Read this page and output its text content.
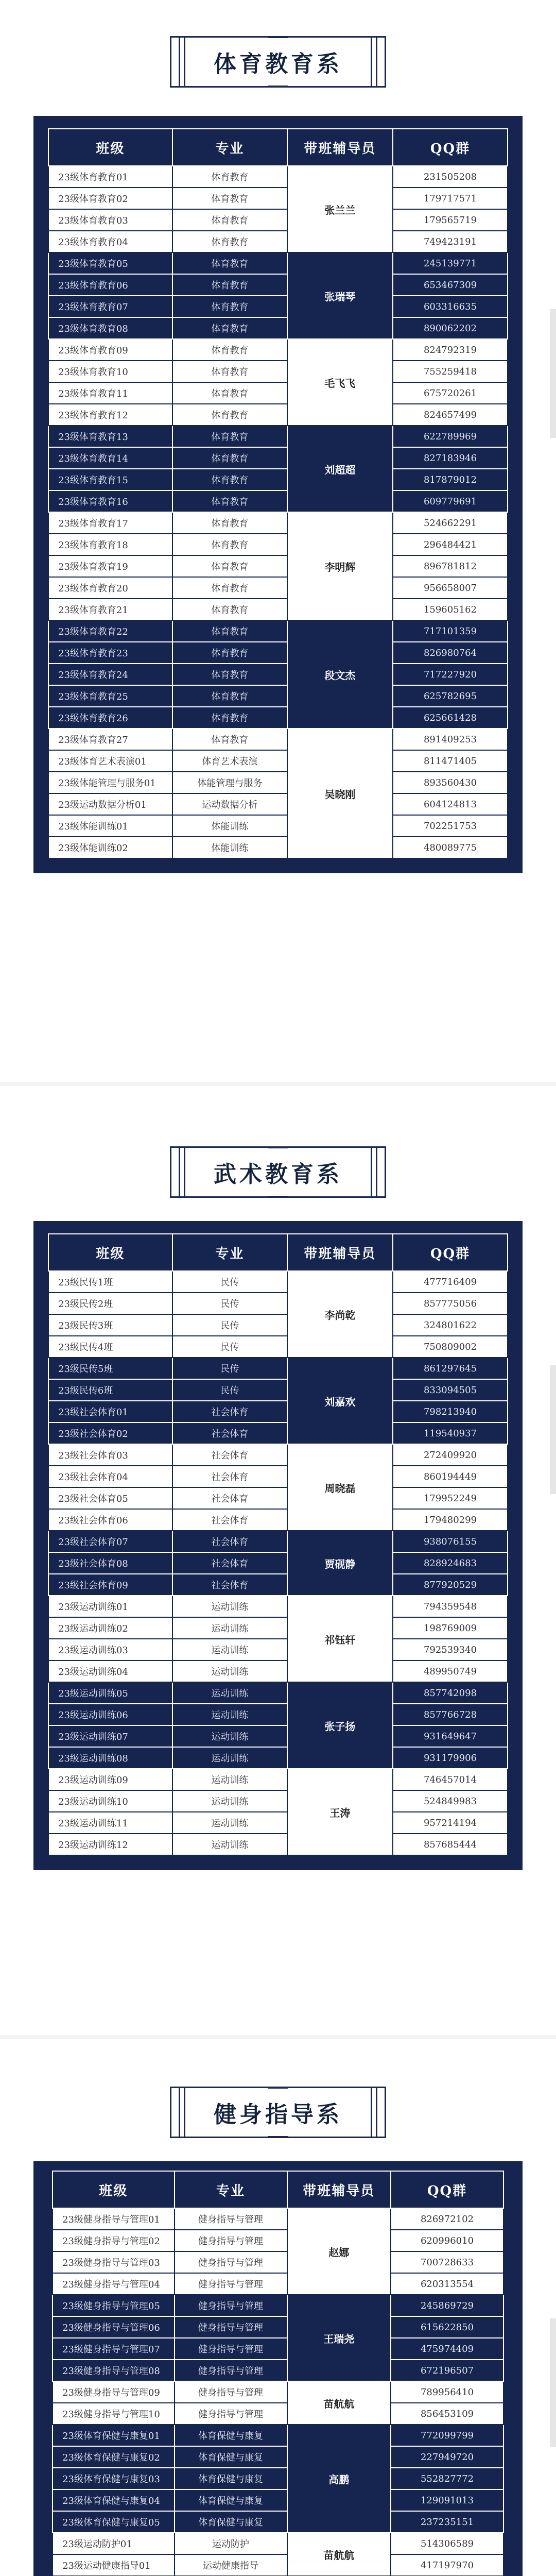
体育教育系
班级	专业	带班辅导员	QQ群
23级体育教育01	体育教育	张兰兰	231505208
23级体育教育02	体育教育		179717571
23级体育教育03	体育教育		179565719
23级体育教育04	体育教育		749423191
23级体育教育05	体育教育	张瑞琴	245139771
23级体育教育06	体育教育		653467309
23级体育教育07	体育教育		603316635
23级体育教育08	体育教育		890062202
23级体育教育09	体育教育	毛飞飞	824792319
23级体育教育10	体育教育		755259418
23级体育教育11	体育教育		675720261
23级体育教育12	体育教育		824657499
23级体育教育13	体育教育	刘超超	622789969
23级体育教育14	体育教育		827183946
23级体育教育15	体育教育		817879012
23级体育教育16	体育教育		609779691
23级体育教育17	体育教育	李明辉	524662291
23级体育教育18	体育教育		296484421
23级体育教育19	体育教育		896781812
23级体育教育20	体育教育		956658007
23级体育教育21	体育教育		159605162
23级体育教育22	体育教育	段文杰	717101359
23级体育教育23	体育教育		826980764
23级体育教育24	体育教育		717227920
23级体育教育25	体育教育		625782695
23级体育教育26	体育教育		625661428
23级体育教育27	体育教育	吴晓刚	891409253
23级体育艺术表演01	体育艺术表演		811471405
23级体能管理与服务01	体能管理与服务		893560430
23级运动数据分析01	运动数据分析		604124813
23级体能训练01	体能训练		702251753
23级体能训练02	体能训练		480089775
武术教育系
班级	专业	带班辅导员	QQ群
23级民传1班	民传	李尚乾	477716409
23级民传2班	民传		857775056
23级民传3班	民传		324801622
23级民传4班	民传		750809002
23级民传5班	民传	刘嘉欢	861297645
23级民传6班	民传		833094505
23级社会体育01	社会体育		798213940
23级社会体育02	社会体育		119540937
23级社会体育03	社会体育	周晓磊	272409920
23级社会体育04	社会体育		860194449
23级社会体育05	社会体育		179952249
23级社会体育06	社会体育		179480299
23级社会体育07	社会体育	贾砚静	938076155
23级社会体育08	社会体育		828924683
23级社会体育09	社会体育		877920529
23级运动训练01	运动训练	祁钰轩	794359548
23级运动训练02	运动训练		198769009
23级运动训练03	运动训练		792539340
23级运动训练04	运动训练		489950749
23级运动训练05	运动训练	张子扬	857742098
23级运动训练06	运动训练		857766728
23级运动训练07	运动训练		931649647
23级运动训练08	运动训练		931179906
23级运动训练09	运动训练	王涛	746457014
23级运动训练10	运动训练		524849983
23级运动训练11	运动训练		957214194
23级运动训练12	运动训练		857685444
健身指导系
班级	专业	带班辅导员	QQ群
23级健身指导与管理01	健身指导与管理	赵娜	826972102
23级健身指导与管理02	健身指导与管理		620996010
23级健身指导与管理03	健身指导与管理		700728633
23级健身指导与管理04	健身指导与管理		620313554
23级健身指导与管理05	健身指导与管理	王瑞尧	245869729
23级健身指导与管理06	健身指导与管理		615622850
23级健身指导与管理07	健身指导与管理		475974409
23级健身指导与管理08	健身指导与管理		672196507
23级健身指导与管理09	健身指导与管理	苗航航	789956410
23级健身指导与管理10	健身指导与管理		856453109
23级体育保健与康复01	体育保健与康复	高鹏	772099799
23级体育保健与康复02	体育保健与康复		227949720
23级体育保健与康复03	体育保健与康复		552827772
23级体育保健与康复04	体育保健与康复		129091013
23级体育保健与康复05	体育保健与康复		237235151
23级运动防护01	运动防护	苗航航	514306589
23级运动健康指导01	运动健康指导		417197970
